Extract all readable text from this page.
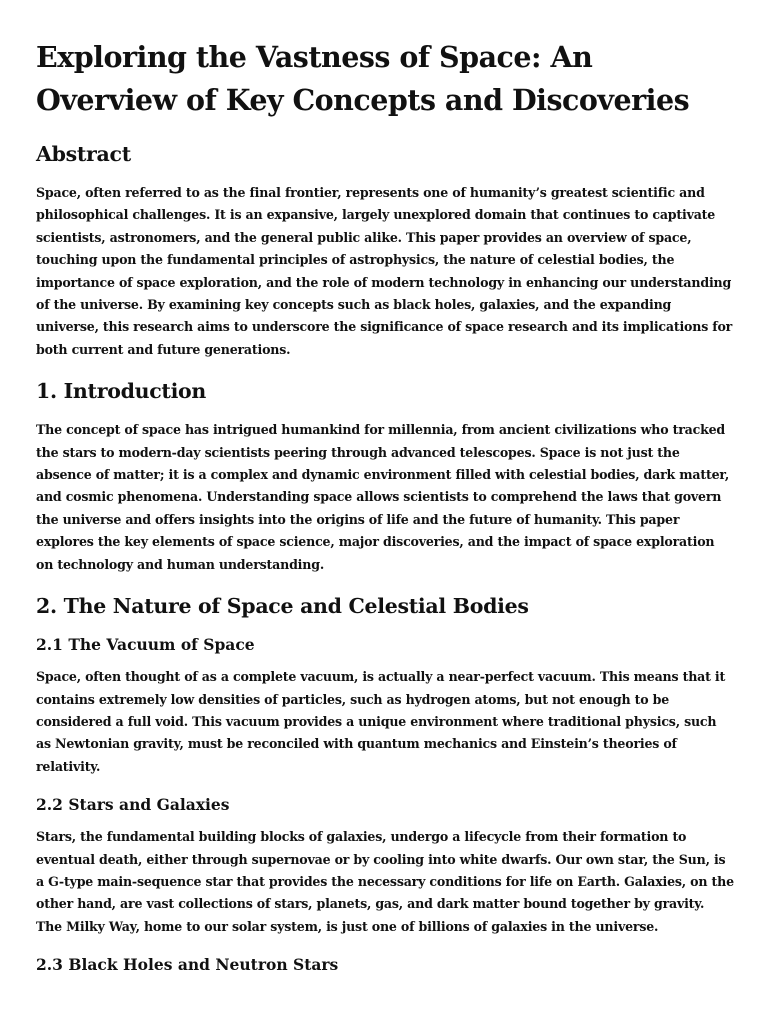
Exploring the Vastness of Space: An Overview of Key Concepts and Discoveries
Abstract

Space, often referred to as the final frontier, represents one of humanity’s greatest scientific and philosophical challenges. It is an expansive, largely unexplored domain that continues to captivate scientists, astronomers, and the general public alike. This paper provides an overview of space, touching upon the fundamental principles of astrophysics, the nature of celestial bodies, the importance of space exploration, and the role of modern technology in enhancing our understanding of the universe. By examining key concepts such as black holes, galaxies, and the expanding universe, this research aims to underscore the significance of space research and its implications for both current and future generations.

1. Introduction

The concept of space has intrigued humankind for millennia, from ancient civilizations who tracked the stars to modern-day scientists peering through advanced telescopes. Space is not just the absence of matter; it is a complex and dynamic environment filled with celestial bodies, dark matter, and cosmic phenomena. Understanding space allows scientists to comprehend the laws that govern the universe and offers insights into the origins of life and the future of humanity. This paper explores the key elements of space science, major discoveries, and the impact of space exploration on technology and human understanding.

2. The Nature of Space and Celestial Bodies
2.1 The Vacuum of Space

Space, often thought of as a complete vacuum, is actually a near-perfect vacuum. This means that it contains extremely low densities of particles, such as hydrogen atoms, but not enough to be considered a full void. This vacuum provides a unique environment where traditional physics, such as Newtonian gravity, must be reconciled with quantum mechanics and Einstein’s theories of relativity.

2.2 Stars and Galaxies

Stars, the fundamental building blocks of galaxies, undergo a lifecycle from their formation to eventual death, either through supernovae or by cooling into white dwarfs. Our own star, the Sun, is a G-type main-sequence star that provides the necessary conditions for life on Earth. Galaxies, on the other hand, are vast collections of stars, planets, gas, and dark matter bound together by gravity. The Milky Way, home to our solar system, is just one of billions of galaxies in the universe.

2.3 Black Holes and Neutron Stars
